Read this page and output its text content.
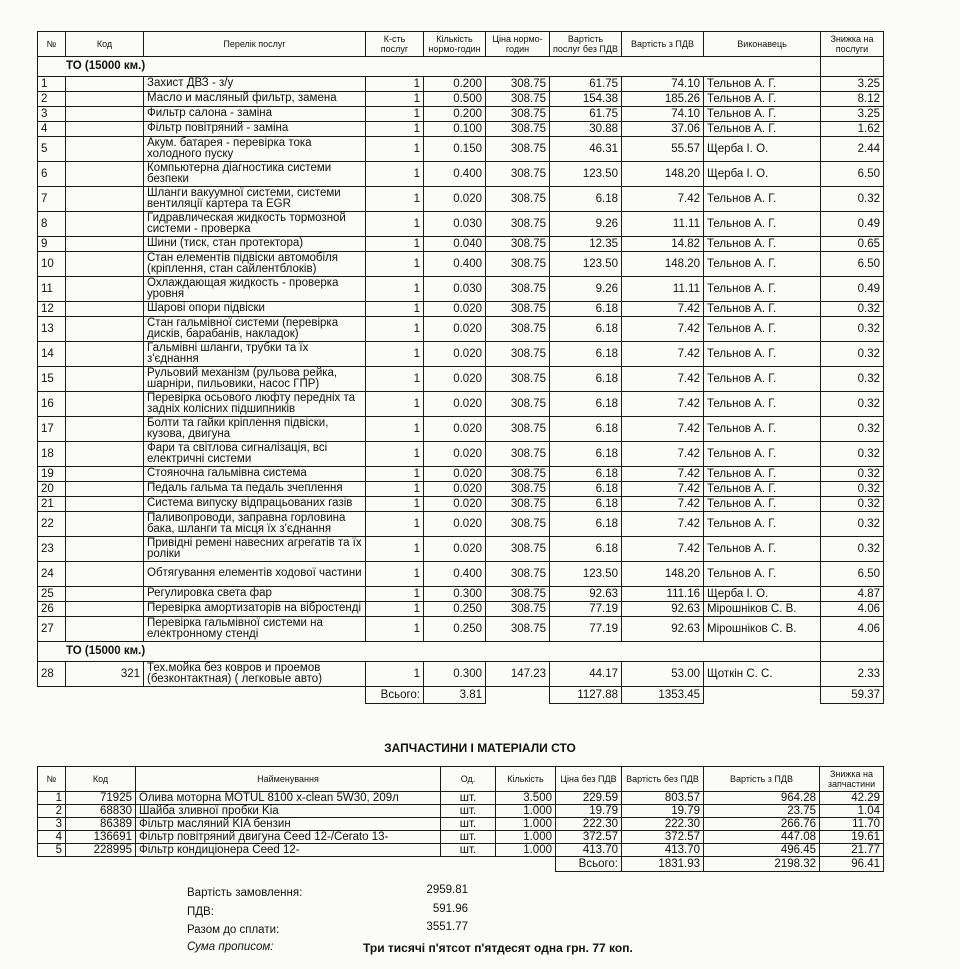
№	Код	Перелік послуг	К-сть послуг	Кількість нормо-годин	Ціна нормо-годин	Вартість послуг без ПДВ	Вартість з ПДВ	Виконавець	Знижка на послуги
ТО (15000 км.)									
1		Захист ДВЗ - з/у	1	0.200	308.75	61.75	74.10	Тельнов А. Г.	3.25
2		Масло и масляный фильтр, замена	1	0.500	308.75	154.38	185.26	Тельнов А. Г.	8.12
3		Фильтр салона - заміна	1	0.200	308.75	61.75	74.10	Тельнов А. Г.	3.25
4		Фільтр повітряний - заміна	1	0.100	308.75	30.88	37.06	Тельнов А. Г.	1.62
5		Акум. батарея - перевірка тока холодного пуску	1	0.150	308.75	46.31	55.57	Щерба І. О.	2.44
6		Компьютерна діагностика системи безпеки	1	0.400	308.75	123.50	148.20	Щерба І. О.	6.50
7		Шланги вакуумної системи, системи вентиляції картера та EGR	1	0.020	308.75	6.18	7.42	Тельнов А. Г.	0.32
8		Гидравлическая жидкость тормозной системи - проверка	1	0.030	308.75	9.26	11.11	Тельнов А. Г.	0.49
9		Шини (тиск, стан протектора)	1	0.040	308.75	12.35	14.82	Тельнов А. Г.	0.65
10		Стан елементів підвіски автомобіля (кріплення, стан сайлентблоків)	1	0.400	308.75	123.50	148.20	Тельнов А. Г.	6.50
11		Охлаждающая жидкость - проверка уровня	1	0.030	308.75	9.26	11.11	Тельнов А. Г.	0.49
12		Шарові опори підвіски	1	0.020	308.75	6.18	7.42	Тельнов А. Г.	0.32
13		Стан гальмівної системи (перевірка дисків, барабанів, накладок)	1	0.020	308.75	6.18	7.42	Тельнов А. Г.	0.32
14		Гальмівні шланги, трубки та їх з'єднання	1	0.020	308.75	6.18	7.42	Тельнов А. Г.	0.32
15		Рульовий механізм (рульова рейка, шарніри, пильовики, насос ГПР)	1	0.020	308.75	6.18	7.42	Тельнов А. Г.	0.32
16		Перевірка осьового люфту передніх та задніх колісних підшипників	1	0.020	308.75	6.18	7.42	Тельнов А. Г.	0.32
17		Болти та гайки кріплення підвіски, кузова, двигуна	1	0.020	308.75	6.18	7.42	Тельнов А. Г.	0.32
18		Фари та світлова сигналізація, всі електричні системи	1	0.020	308.75	6.18	7.42	Тельнов А. Г.	0.32
19		Стояночна гальмівна система	1	0.020	308.75	6.18	7.42	Тельнов А. Г.	0.32
20		Педаль гальма та педаль зчеплення	1	0.020	308.75	6.18	7.42	Тельнов А. Г.	0.32
21		Система випуску відпрацьованих газів	1	0.020	308.75	6.18	7.42	Тельнов А. Г.	0.32
22		Паливопроводи, заправна горловина бака, шланги та місця їх з'єднання	1	0.020	308.75	6.18	7.42	Тельнов А. Г.	0.32
23		Привідні ремені навесних агрегатів та їх роліки	1	0.020	308.75	6.18	7.42	Тельнов А. Г.	0.32
24		Обтягування елементів ходової частини	1	0.400	308.75	123.50	148.20	Тельнов А. Г.	6.50
25		Регулировка света фар	1	0.300	308.75	92.63	111.16	Щерба І. О.	4.87
26		Перевірка амортизаторів на вібростенді	1	0.250	308.75	77.19	92.63	Мірошніков С. В.	4.06
27		Перевірка гальмівної системи на електронному стенді	1	0.250	308.75	77.19	92.63	Мірошніков С. В.	4.06
ТО (15000 км.)									
28	321	Тех.мойка без ковров и проемов (безконтактная) ( легковые авто)	1	0.300	147.23	44.17	53.00	Щоткін С. С.	2.33
			Всього:	3.81		1127.88	1353.45		59.37
ЗАПЧАСТИНИ І МАТЕРІАЛИ СТО
№	Код	Найменування	Од.	Кількість	Ціна без ПДВ	Вартість без ПДВ	Вартість з ПДВ	Знижка на запчастини
1	71925	Олива моторна MOTUL 8100 x-clean 5W30, 209л	шт.	3.500	229.59	803.57	964.28	42.29
2	68830	Шайба зливної пробки Kia	шт.	1.000	19.79	19.79	23.75	1.04
3	86389	Фільтр масляний KIA бензин	шт.	1.000	222.30	222.30	266.76	11.70
4	136691	Фільтр повітряний двигуна Ceed 12-/Cerato 13-	шт.	1.000	372.57	372.57	447.08	19.61
5	228995	Фільтр кондиціонера Ceed 12-	шт.	1.000	413.70	413.70	496.45	21.77
					Всього:	1831.93	2198.32	96.41
Вартість замовлення:	2959.81
ПДВ:	591.96
Разом до сплати:	3551.77
Сума прописом:	Три тисячі п'ятсот п'ятдесят одна грн. 77 коп.
